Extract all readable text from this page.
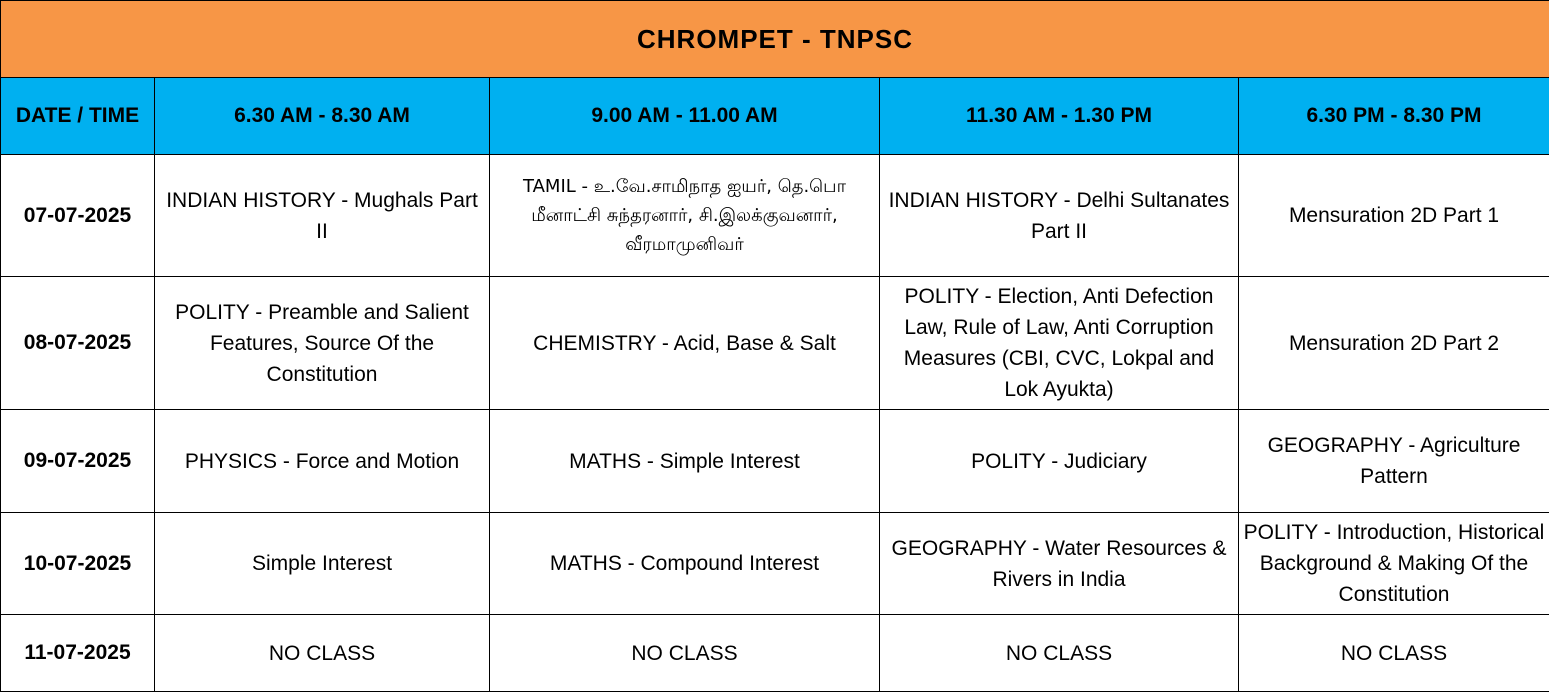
CHROMPET - TNPSC				
DATE / TIME	6.30 AM - 8.30 AM	9.00 AM - 11.00 AM	11.30 AM - 1.30 PM	6.30 PM - 8.30 PM
07-07-2025	INDIAN HISTORY - Mughals Part II	TAMIL - உ.வே.சாமிநாத ஐயர், தெ.பொ மீனாட்சி சுந்தரனார், சி.இலக்குவனார், வீரமாமுனிவர்	INDIAN HISTORY - Delhi Sultanates Part II	Mensuration 2D Part 1
08-07-2025	POLITY - Preamble and Salient Features, Source Of the Constitution	CHEMISTRY - Acid, Base & Salt	POLITY - Election, Anti Defection Law, Rule of Law, Anti Corruption Measures (CBI, CVC, Lokpal and Lok Ayukta)	Mensuration 2D Part 2
09-07-2025	PHYSICS - Force and Motion	MATHS - Simple Interest	POLITY - Judiciary	GEOGRAPHY - Agriculture Pattern
10-07-2025	Simple Interest	MATHS - Compound Interest	GEOGRAPHY - Water Resources & Rivers in India	POLITY - Introduction, Historical Background & Making Of the Constitution
11-07-2025	NO CLASS	NO CLASS	NO CLASS	NO CLASS
